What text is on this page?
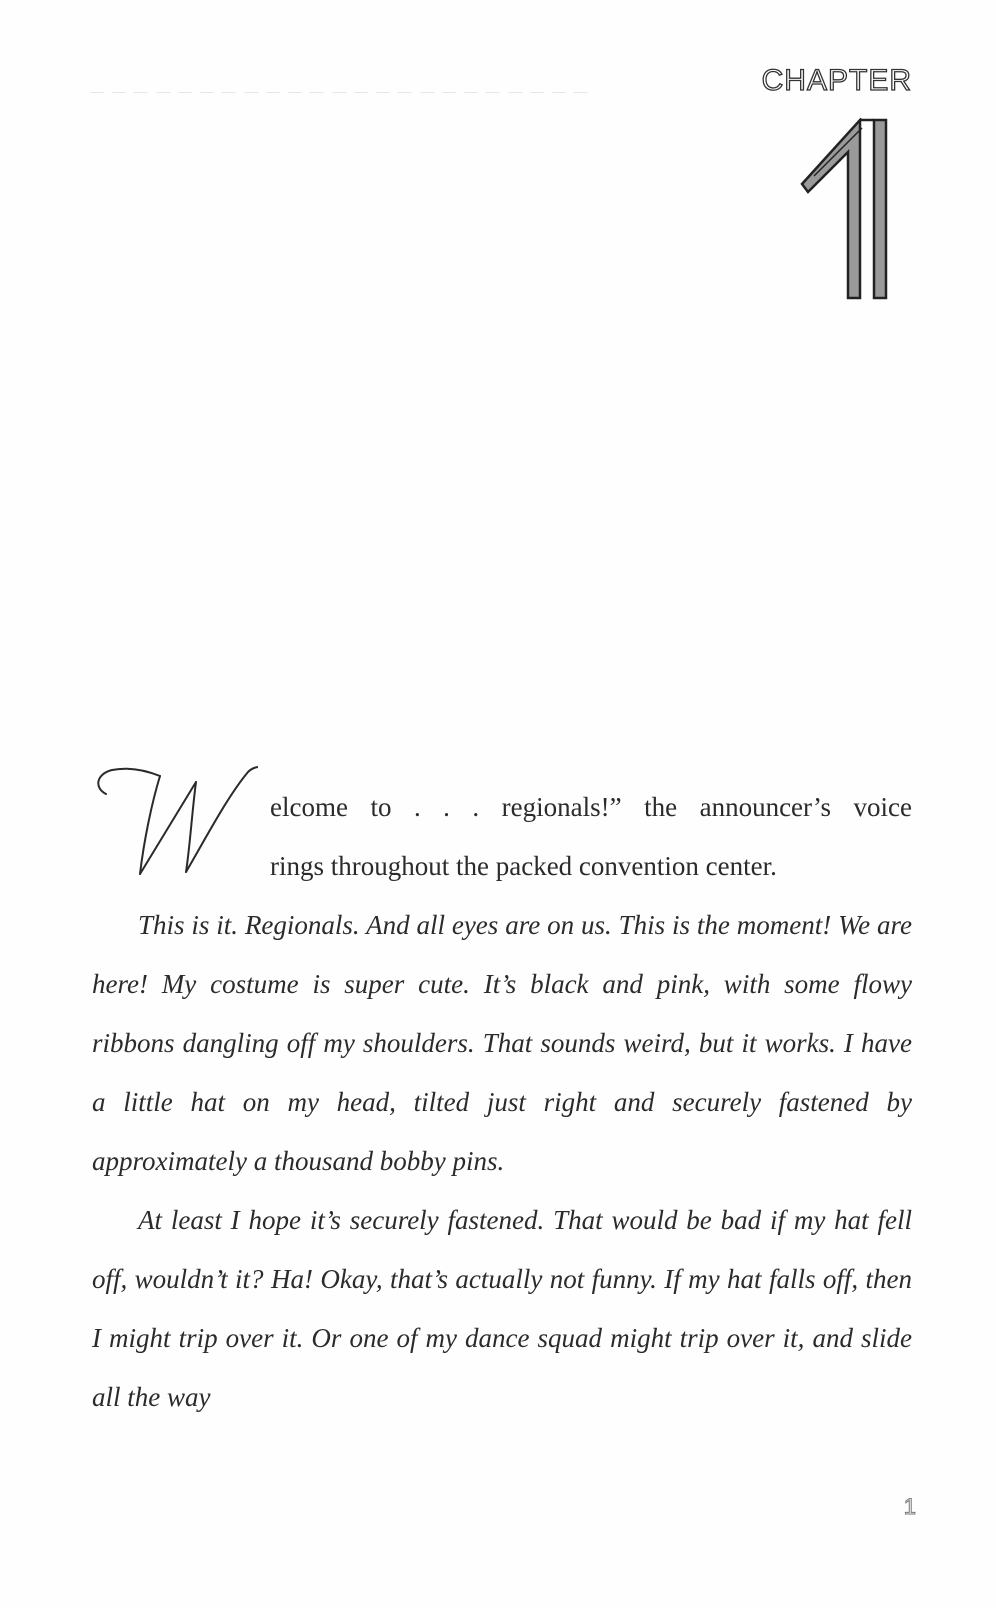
CHAPTER

elcome to . . . regionals!” the announcer’s voice

rings throughout the packed convention center.

This is it. Regionals. And all eyes are on us. This is the moment! We are here! My costume is super cute. It’s black and pink, with some flowy ribbons dangling off my shoulders. That sounds weird, but it works. I have a little hat on my head, tilted just right and securely fastened by approximately a thousand bobby pins.

At least I hope it’s securely fastened. That would be bad if my hat fell off, wouldn’t it? Ha! Okay, that’s actually not funny. If my hat falls off, then I might trip over it. Or one of my dance squad might trip over it, and slide all the way

1
